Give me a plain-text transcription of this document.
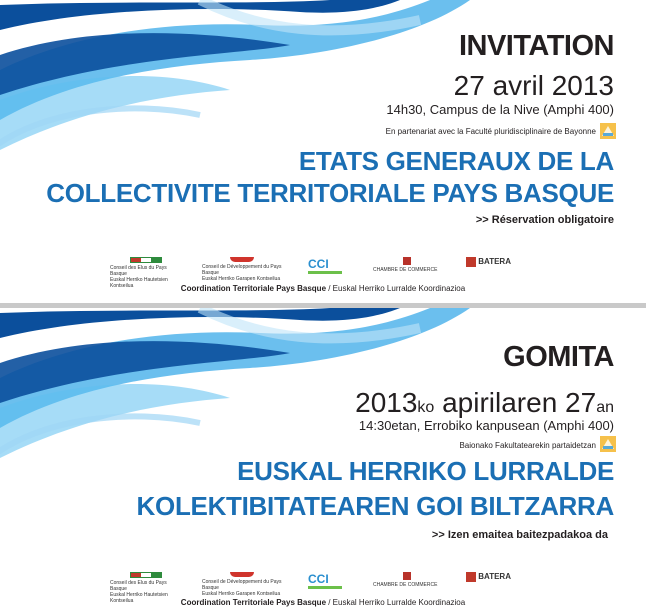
INVITATION
27 avril 2013
14h30, Campus de la Nive (Amphi 400)
En partenariat avec la Faculté pluridisciplinaire de Bayonne
ETATS GENERAUX DE LA
COLLECTIVITE TERRITORIALE PAYS BASQUE
>> Réservation obligatoire
Conseil des Elus du Pays Basque
Euskal Herriko Hautetsien Kontseilua
Conseil de Développement du Pays Basque
Euskal Herriko Garapen Kontseilua
CCI	CHAMBRE DE COMMERCE
BATERA
Coordination Territoriale Pays Basque / Euskal Herriko Lurralde Koordinazioa
GOMITA
2013ko apirilaren 27an
14:30etan, Errobiko kanpusean (Amphi 400)
Baionako Fakultatearekin partaidetzan
EUSKAL HERRIKO LURRALDE
KOLEKTIBITATEAREN GOI BILTZARRA
>> Izen emaitea baitezpadakoa da
Conseil des Elus du Pays Basque
Euskal Herriko Hautetsien Kontseilua
Conseil de Développement du Pays Basque
Euskal Herriko Garapen Kontseilua
CCI	CHAMBRE DE COMMERCE
BATERA
Coordination Territoriale Pays Basque / Euskal Herriko Lurralde Koordinazioa
